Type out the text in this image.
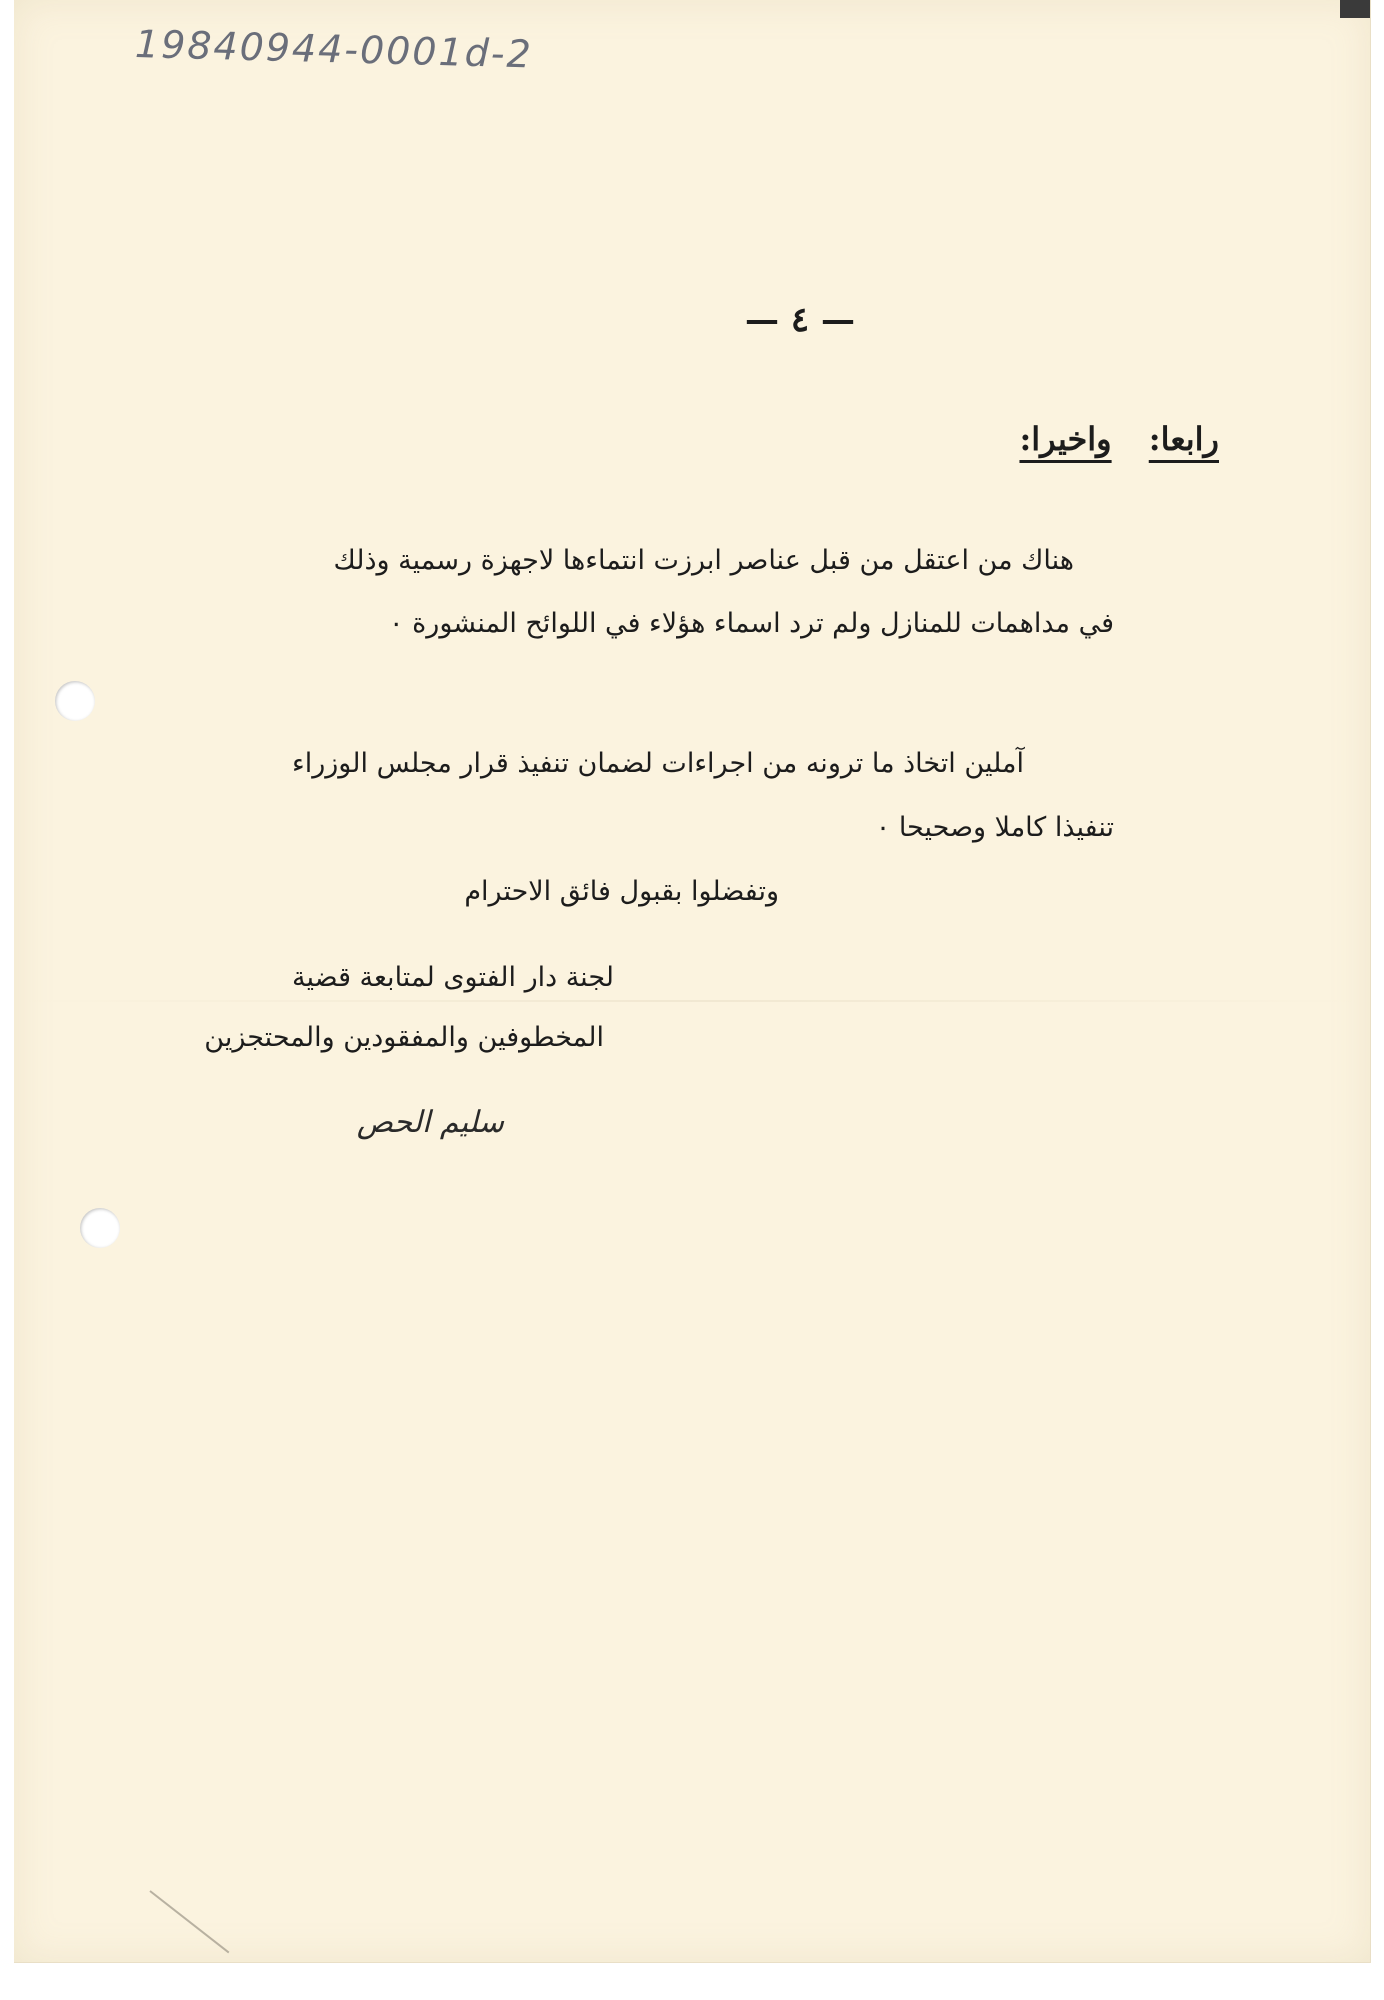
19840944-0001d-2
— ٤ —
رابعا: واخيرا:
هناك من اعتقل من قبل عناصر ابرزت انتماءها لاجهزة رسمية وذلك
في مداهمات للمنازل ولم ترد اسماء هؤلاء في اللوائح المنشورة ٠
آملين اتخاذ ما ترونه من اجراءات لضمان تنفيذ قرار مجلس الوزراء
تنفيذا كاملا وصحيحا ٠
وتفضلوا بقبول فائق الاحترام
لجنة دار الفتوى لمتابعة قضية
المخطوفين والمفقودين والمحتجزين
سليم الحص
